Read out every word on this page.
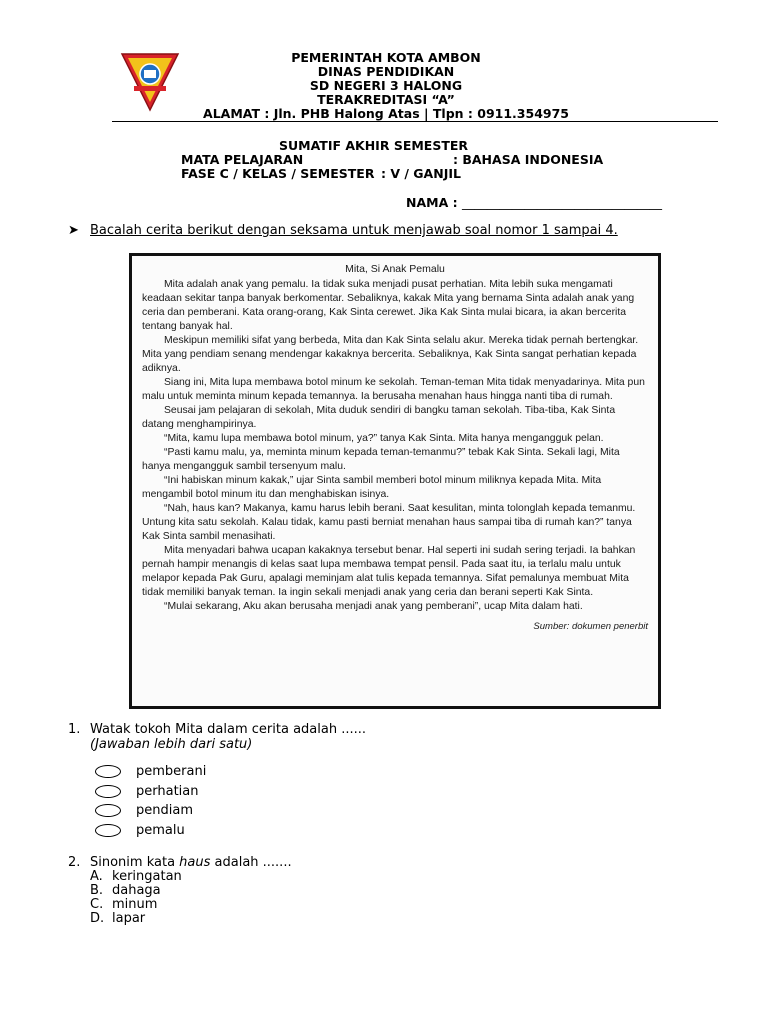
PEMERINTAH KOTA AMBON
DINAS PENDIDIKAN
SD NEGERI 3 HALONG
TERAKREDITASI “A”
ALAMAT : Jln. PHB Halong Atas | Tlpn : 0911.354975
SUMATIF AKHIR SEMESTER
MATA PELAJARAN	: BAHASA INDONESIA
FASE C / KELAS / SEMESTER : V / GANJIL
NAMA : ________________________________
➤ Bacalah cerita berikut dengan seksama untuk menjawab soal nomor 1 sampai 4.
Mita, Si Anak Pemalu

Mita adalah anak yang pemalu. Ia tidak suka menjadi pusat perhatian. Mita lebih suka mengamati keadaan sekitar tanpa banyak berkomentar. Sebaliknya, kakak Mita yang bernama Sinta adalah anak yang ceria dan pemberani. Kata orang-orang, Kak Sinta cerewet. Jika Kak Sinta mulai bicara, ia akan bercerita tentang banyak hal.

Meskipun memiliki sifat yang berbeda, Mita dan Kak Sinta selalu akur. Mereka tidak pernah bertengkar. Mita yang pendiam senang mendengar kakaknya bercerita. Sebaliknya, Kak Sinta sangat perhatian kepada adiknya.

Siang ini, Mita lupa membawa botol minum ke sekolah. Teman-teman Mita tidak menyadarinya. Mita pun malu untuk meminta minum kepada temannya. Ia berusaha menahan haus hingga nanti tiba di rumah.

Seusai jam pelajaran di sekolah, Mita duduk sendiri di bangku taman sekolah. Tiba-tiba, Kak Sinta datang menghampirinya.

“Mita, kamu lupa membawa botol minum, ya?” tanya Kak Sinta. Mita hanya mengangguk pelan.

“Pasti kamu malu, ya, meminta minum kepada teman-temanmu?” tebak Kak Sinta. Sekali lagi, Mita hanya mengangguk sambil tersenyum malu.

“Ini habiskan minum kakak,” ujar Sinta sambil memberi botol minum miliknya kepada Mita. Mita mengambil botol minum itu dan menghabiskan isinya.

“Nah, haus kan? Makanya, kamu harus lebih berani. Saat kesulitan, minta tolonglah kepada temanmu. Untung kita satu sekolah. Kalau tidak, kamu pasti berniat menahan haus sampai tiba di rumah kan?” tanya Kak Sinta sambil menasihati.

Mita menyadari bahwa ucapan kakaknya tersebut benar. Hal seperti ini sudah sering terjadi. Ia bahkan pernah hampir menangis di kelas saat lupa membawa tempat pensil. Pada saat itu, ia terlalu malu untuk melapor kepada Pak Guru, apalagi meminjam alat tulis kepada temannya. Sifat pemalunya membuat Mita tidak memiliki banyak teman. Ia ingin sekali menjadi anak yang ceria dan berani seperti Kak Sinta.

“Mulai sekarang, Aku akan berusaha menjadi anak yang pemberani”, ucap Mita dalam hati.

Sumber: dokumen penerbit
1. Watak tokoh Mita dalam cerita adalah ......
(Jawaban lebih dari satu)
pemberani
perhatian
pendiam
pemalu
2. Sinonim kata haus adalah .......
A. keringatan
B. dahaga
C. minum
D. lapar
